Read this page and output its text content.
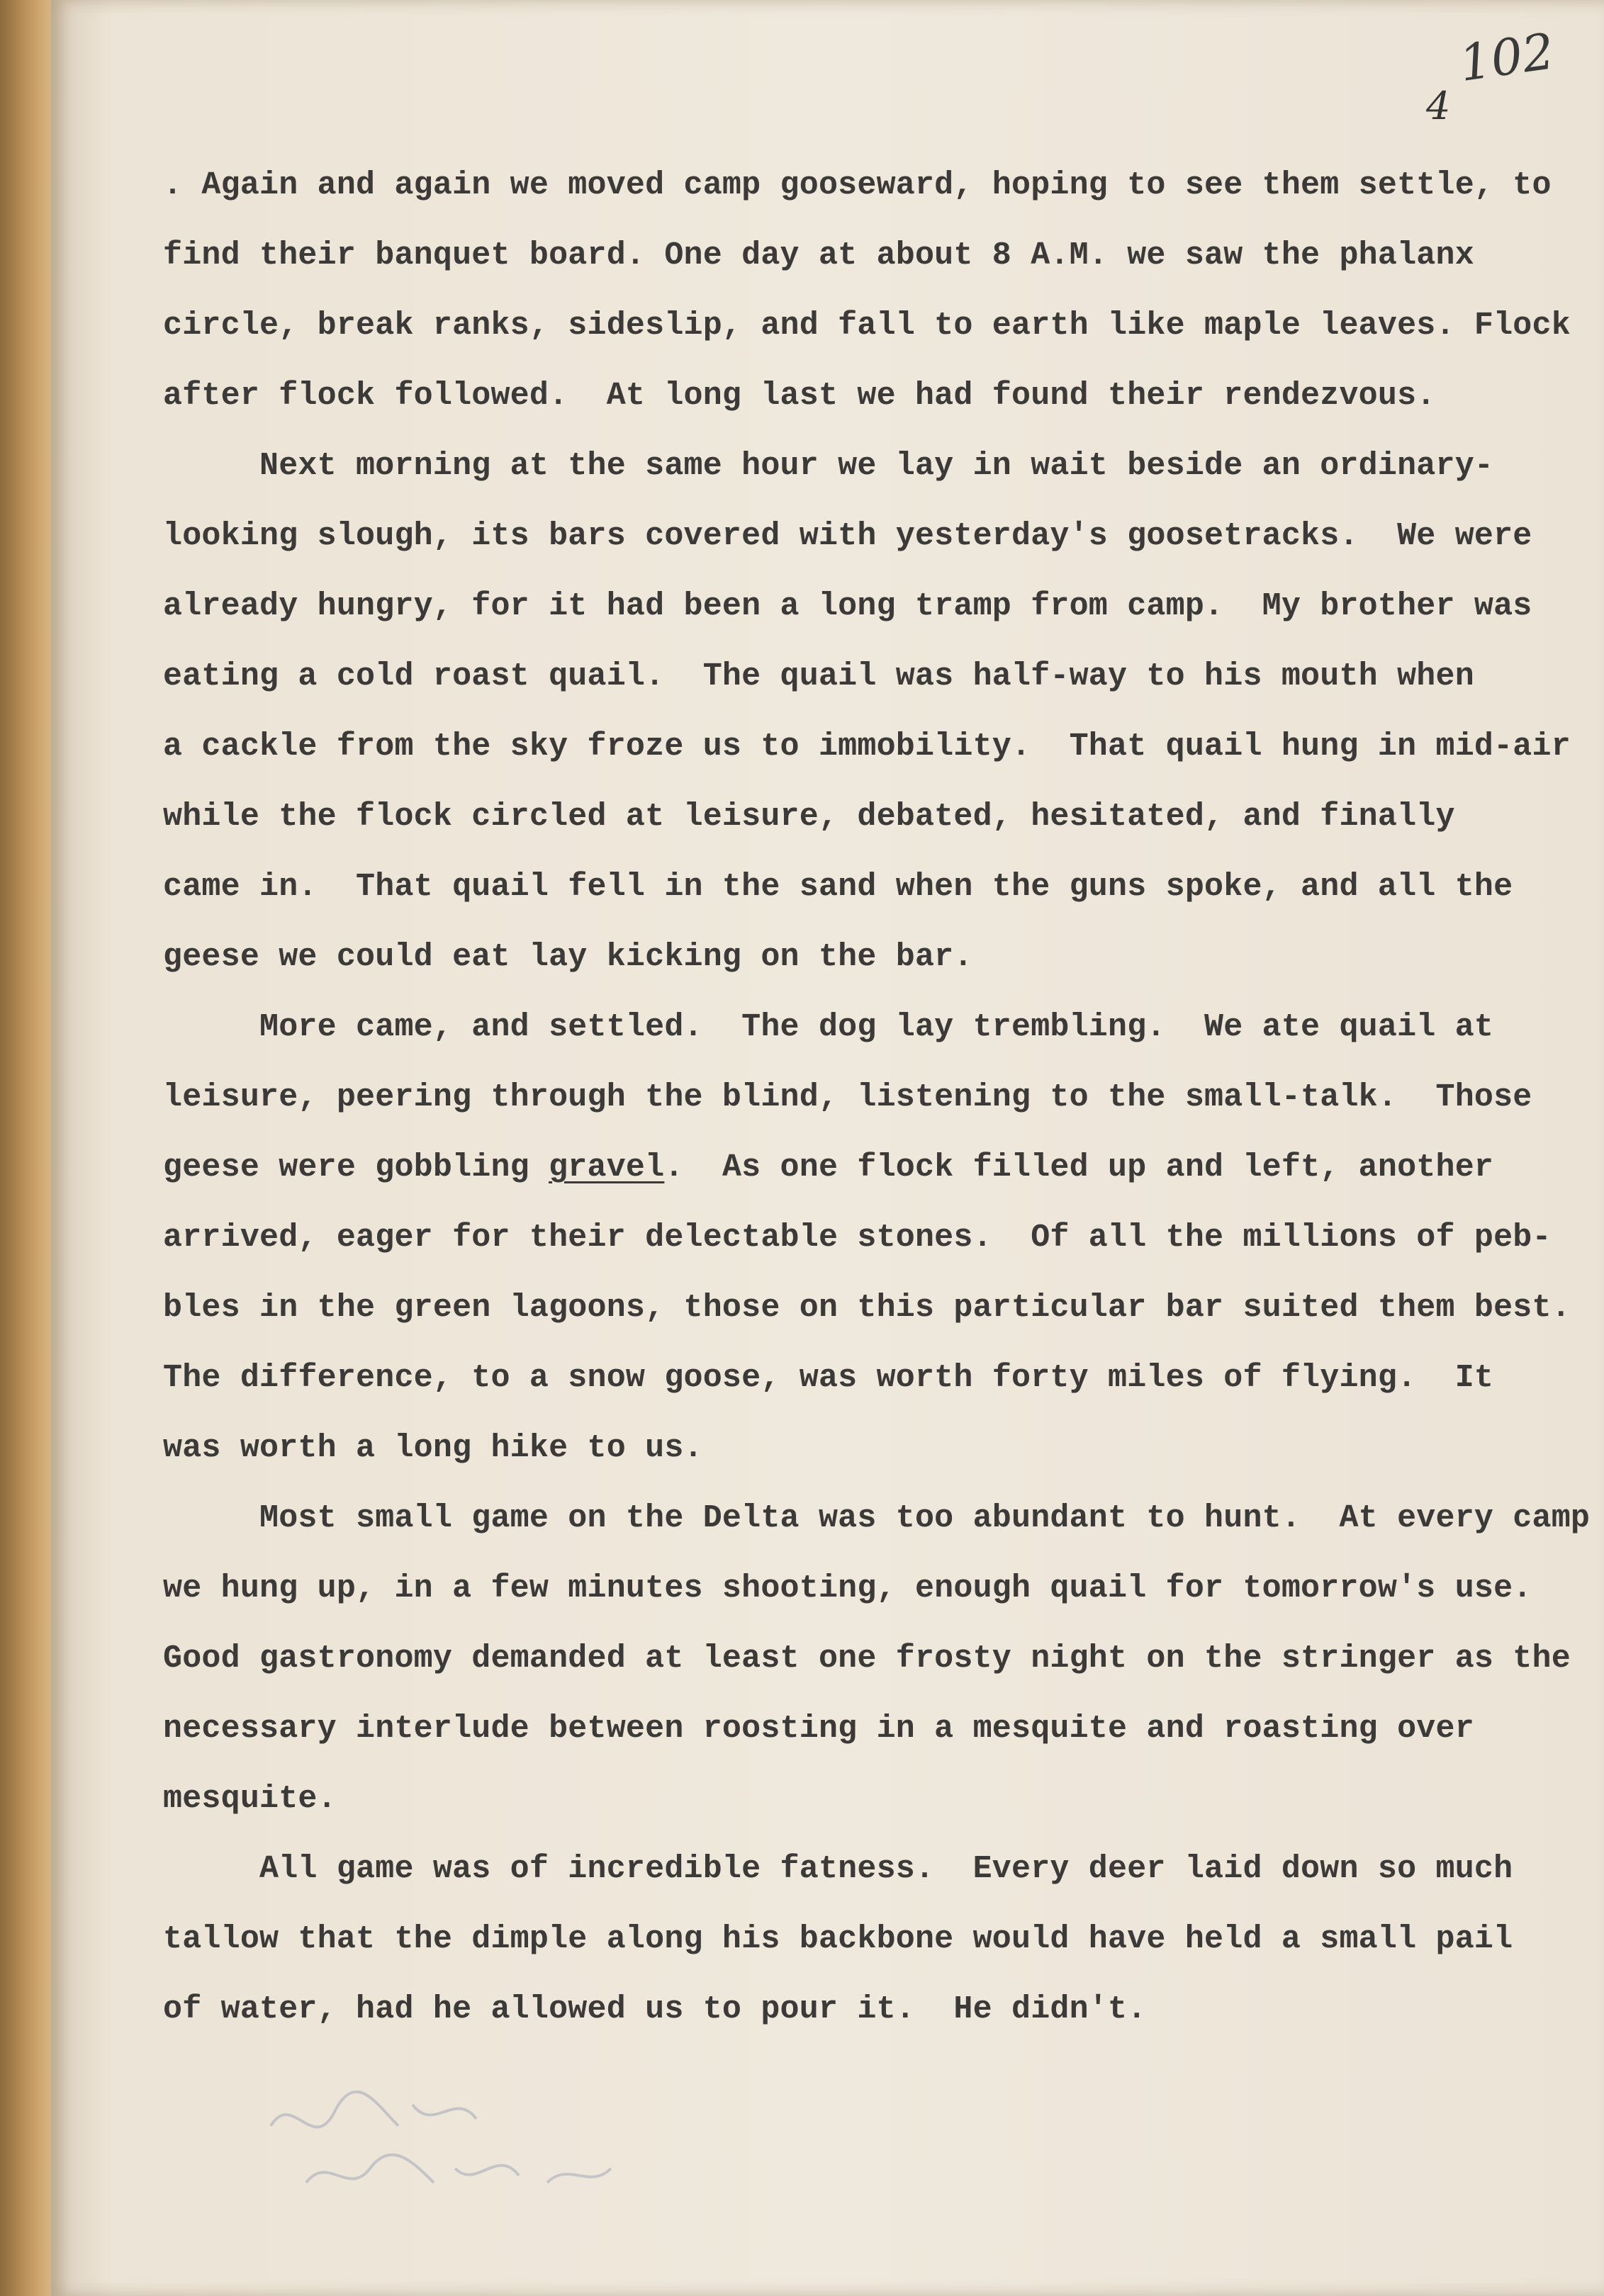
102
4
. Again and again we moved camp gooseward, hoping to see them settle, to
find their banquet board. One day at about 8 A.M. we saw the phalanx
circle, break ranks, sideslip, and fall to earth like maple leaves. Flock
after flock followed.  At long last we had found their rendezvous.
Next morning at the same hour we lay in wait beside an ordinary-
looking slough, its bars covered with yesterday's goosetracks.  We were
already hungry, for it had been a long tramp from camp.  My brother was
eating a cold roast quail.  The quail was half-way to his mouth when
a cackle from the sky froze us to immobility.  That quail hung in mid-air
while the flock circled at leisure, debated, hesitated, and finally
came in.  That quail fell in the sand when the guns spoke, and all the
geese we could eat lay kicking on the bar.
More came, and settled.  The dog lay trembling.  We ate quail at
leisure, peering through the blind, listening to the small-talk.  Those
geese were gobbling gravel.  As one flock filled up and left, another
arrived, eager for their delectable stones.  Of all the millions of peb-
bles in the green lagoons, those on this particular bar suited them best.
The difference, to a snow goose, was worth forty miles of flying.  It
was worth a long hike to us.
Most small game on the Delta was too abundant to hunt.  At every camp
we hung up, in a few minutes shooting, enough quail for tomorrow's use.
Good gastronomy demanded at least one frosty night on the stringer as the
necessary interlude between roosting in a mesquite and roasting over
mesquite.
All game was of incredible fatness.  Every deer laid down so much
tallow that the dimple along his backbone would have held a small pail
of water, had he allowed us to pour it.  He didn't.
